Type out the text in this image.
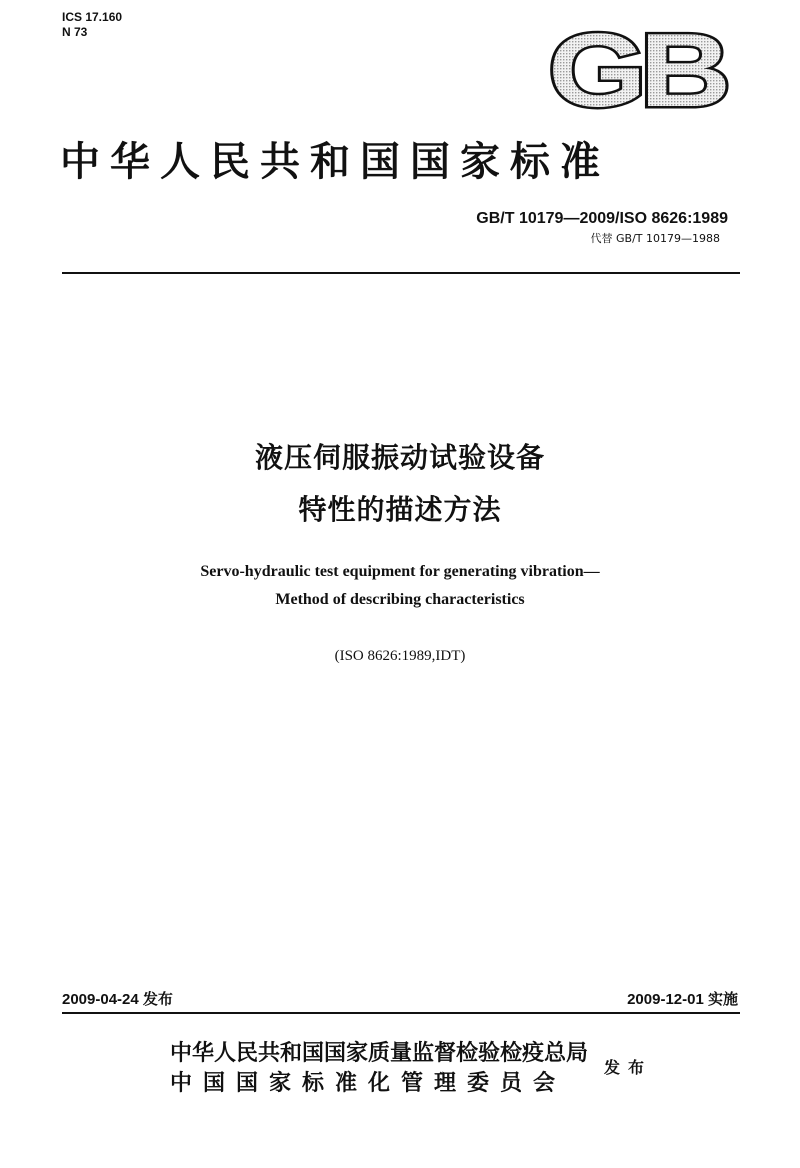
ICS 17.160
N 73	GB
中华人民共和国国家标准
GB/T 10179—2009/ISO 8626:1989
代替 GB/T 10179—1988
液压伺服振动试验设备
特性的描述方法
Servo-hydraulic test equipment for generating vibration—
Method of describing characteristics
(ISO 8626:1989,IDT)
2009-04-24 发布	2009-12-01 实施
中华人民共和国国家质量监督检验检疫总局
中国国家标准化管理委员会
发布
